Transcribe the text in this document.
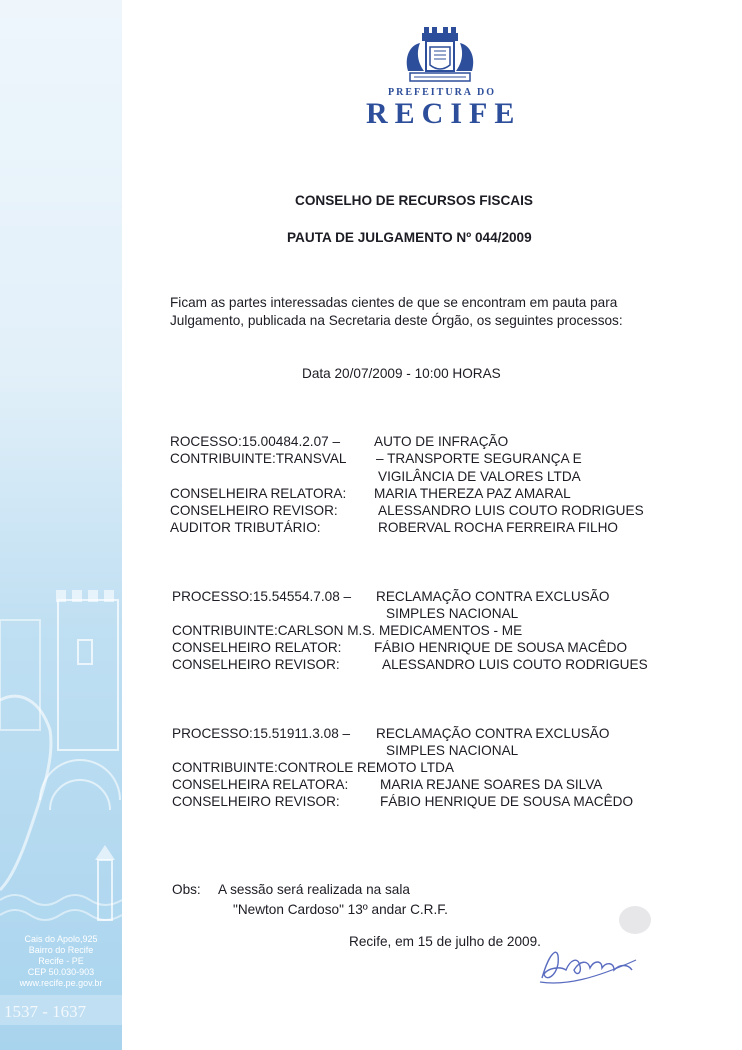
1537 - 1637
Cais do Apolo,925
Bairro do Recife
Recife - PE
CEP 50.030-903
www.recife.pe.gov.br
PREFEITURA DO
RECIFE
CONSELHO DE RECURSOS FISCAIS
PAUTA DE JULGAMENTO Nº 044/2009
Ficam as partes interessadas cientes de que se encontram em pauta para
Julgamento, publicada na Secretaria deste Órgão, os seguintes processos:
Data 20/07/2009 - 10:00 HORAS
ROCESSO:15.00484.2.07 – AUTO DE INFRAÇÃO
CONTRIBUINTE:TRANSVAL – TRANSPORTE SEGURANÇA E
VIGILÂNCIA DE VALORES LTDA
CONSELHEIRA RELATORA: MARIA THEREZA PAZ AMARAL
CONSELHEIRO REVISOR:	ALESSANDRO LUIS COUTO RODRIGUES
AUDITOR TRIBUTÁRIO:	ROBERVAL ROCHA FERREIRA FILHO
PROCESSO:15.54554.7.08 – RECLAMAÇÃO CONTRA EXCLUSÃO
SIMPLES NACIONAL
CONTRIBUINTE:CARLSON M.S. MEDICAMENTOS - ME
CONSELHEIRO RELATOR: FÁBIO HENRIQUE DE SOUSA MACÊDO
CONSELHEIRO REVISOR:	ALESSANDRO LUIS COUTO RODRIGUES
PROCESSO:15.51911.3.08 – RECLAMAÇÃO CONTRA EXCLUSÃO
SIMPLES NACIONAL
CONTRIBUINTE:CONTROLE REMOTO LTDA
CONSELHEIRA RELATORA: MARIA REJANE SOARES DA SILVA
CONSELHEIRO REVISOR:	FÁBIO HENRIQUE DE SOUSA MACÊDO
Obs: A sessão será realizada na sala
"Newton Cardoso" 13º andar C.R.F.
Recife, em 15 de julho de 2009.
